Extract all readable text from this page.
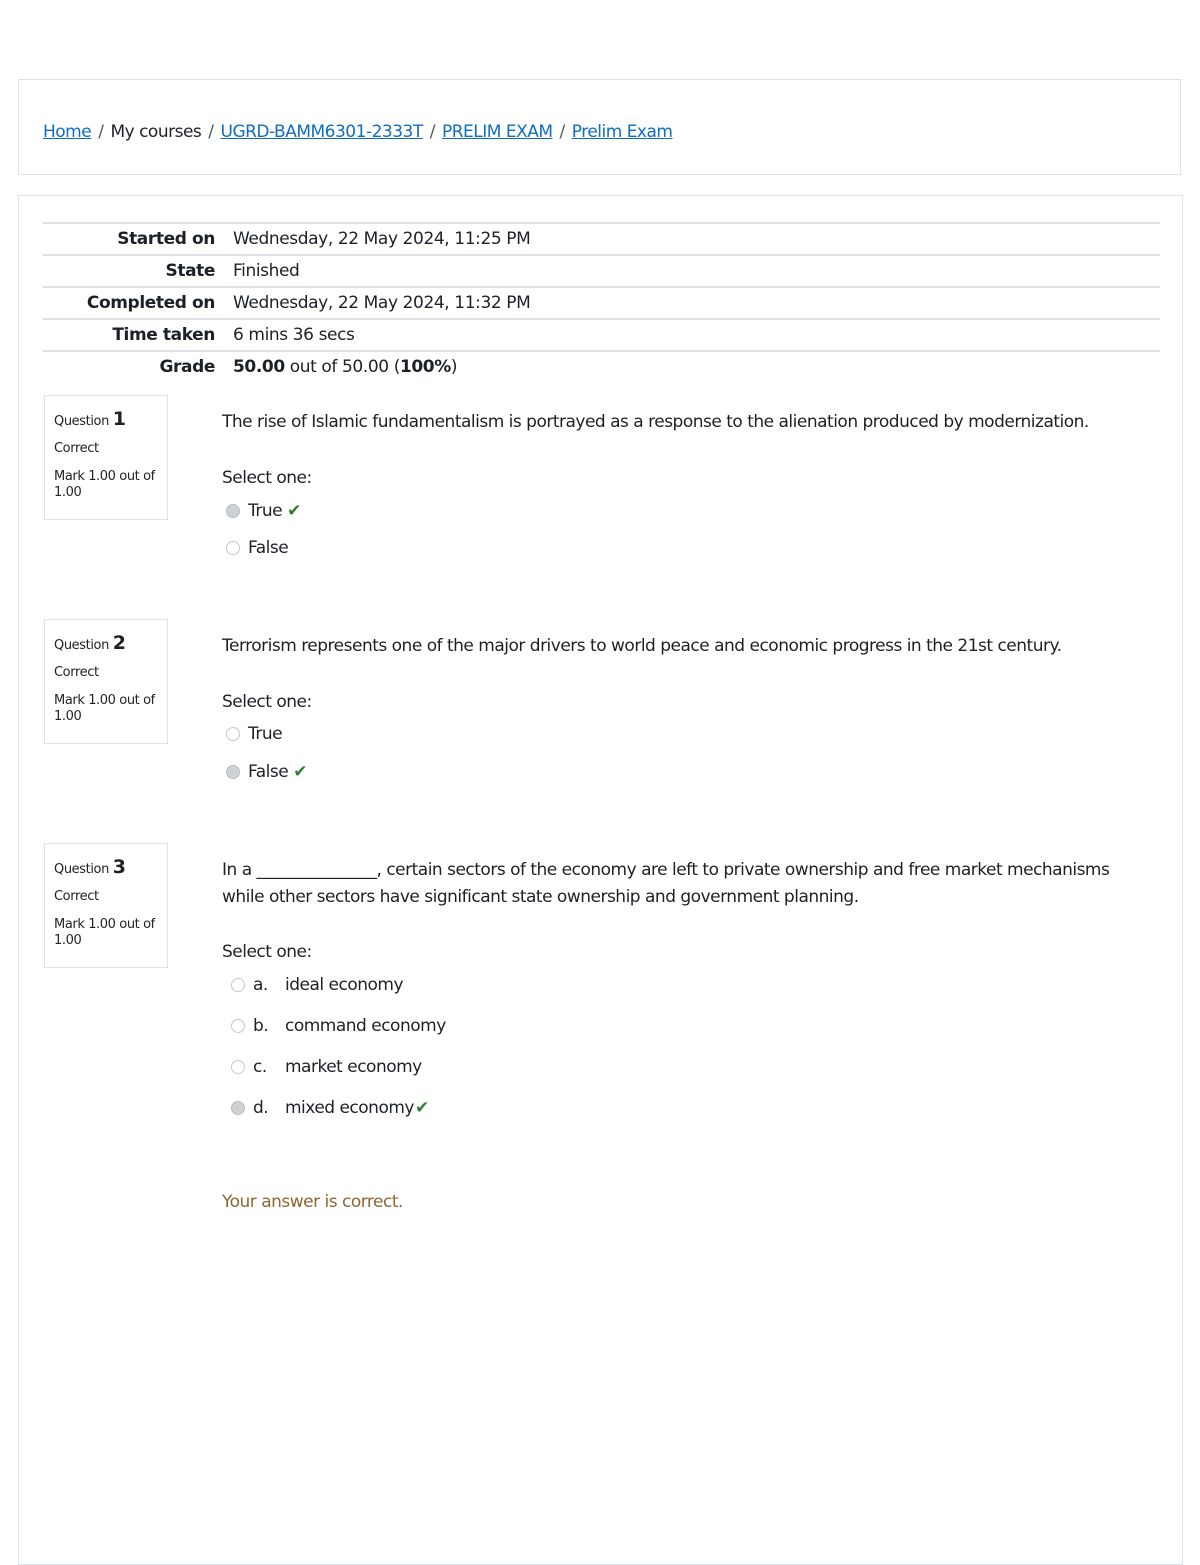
Home / My courses / UGRD-BAMM6301-2333T / PRELIM EXAM / Prelim Exam
Started on	Wednesday, 22 May 2024, 11:25 PM
State	Finished
Completed on	Wednesday, 22 May 2024, 11:32 PM
Time taken	6 mins 36 secs
Grade	50.00 out of 50.00 (100%)
Question 1
Correct
Mark 1.00 out of 1.00
The rise of Islamic fundamentalism is portrayed as a response to the alienation produced by modernization.
Select one:
True ✔
False
Question 2
Correct
Mark 1.00 out of 1.00
Terrorism represents one of the major drivers to world peace and economic progress in the 21st century.
Select one:
True
False ✔
Question 3
Correct
Mark 1.00 out of 1.00
In a _______________, certain sectors of the economy are left to private ownership and free market mechanisms while other sectors have significant state ownership and government planning.
Select one:
a.	ideal economy
b. command economy
c.	market economy
d. mixed economy ✔
Your answer is correct.
